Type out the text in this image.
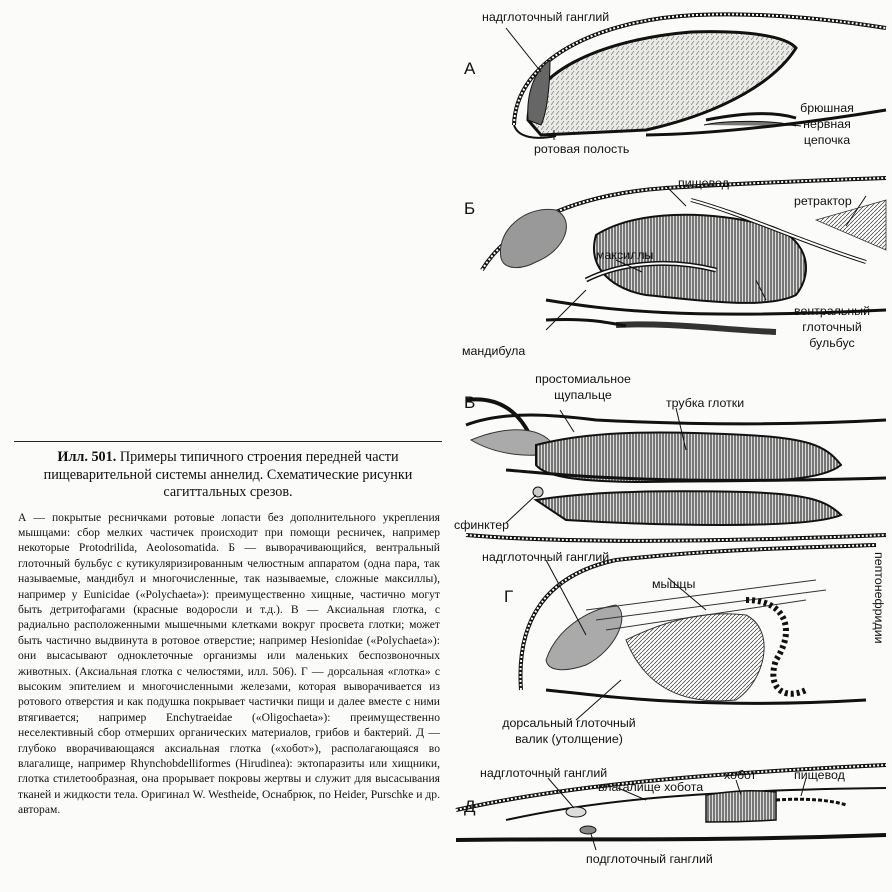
Илл. 501. Примеры типичного строения передней части пищеварительной системы аннелид. Схематические рисунки сагиттальных срезов.

А — покрытые ресничками ротовые лопасти без дополнительного укрепления мышцами: сбор мелких частичек происходит при помощи ресничек, например некоторые Protodrilida, Aeolosomatida. Б — выворачивающийся, вентральный глоточный бульбус с кутикуляризированным челюстным аппаратом (одна пара, так называемые, мандибул и многочисленные, так называемые, сложные максиллы), например у Eunicidae («Polychaeta»): преимущественно хищные, частично могут быть детритофагами (красные водоросли и т.д.). В — Аксиальная глотка, с радиально расположенными мышечными клетками вокруг просвета глотки; может быть частично выдвинута в ротовое отверстие; например Hesionidae («Polychaeta»): они высасывают одноклеточные организмы или маленьких беспозвоночных животных. (Аксиальная глотка с челюстями, илл. 506). Г — дорсальная «глотка» с высоким эпителием и многочисленными железами, которая выворачивается из ротового отверстия и как подушка покрывает частички пищи и далее вместе с ними втягивается; например Enchytraeidae («Oligochaeta»): преимущественно неселективный сбор отмерших органических материалов, грибов и бактерий. Д — глубоко вворачивающаяся аксиальная глотка («хобот»), располагающаяся во влагалище, например Rhynchobdelliformes (Hirudinea): эктопаразиты или хищники, глотка стилетообразная, она прорывает покровы жертвы и служит для высасывания тканей и жидкости тела. Оригинал W. Westheide, Оснабрюк, по Heider, Purschke и др. авторам.

А
надглоточный ганглий
брюшная
нервная
цепочка
ротовая полость
Б
пищевод
ретрактор
максиллы
вентральный
глоточный
бульбус
мандибула
В
простомиальное
щупальце
трубка глотки
сфинктер
Г
надглоточный ганглий
мышцы	пептонефридии
дорсальный глоточный
валик (утолщение)
Д
надглоточный ганглий
влагалище хобота
хобот	пищевод
подглоточный ганглий
